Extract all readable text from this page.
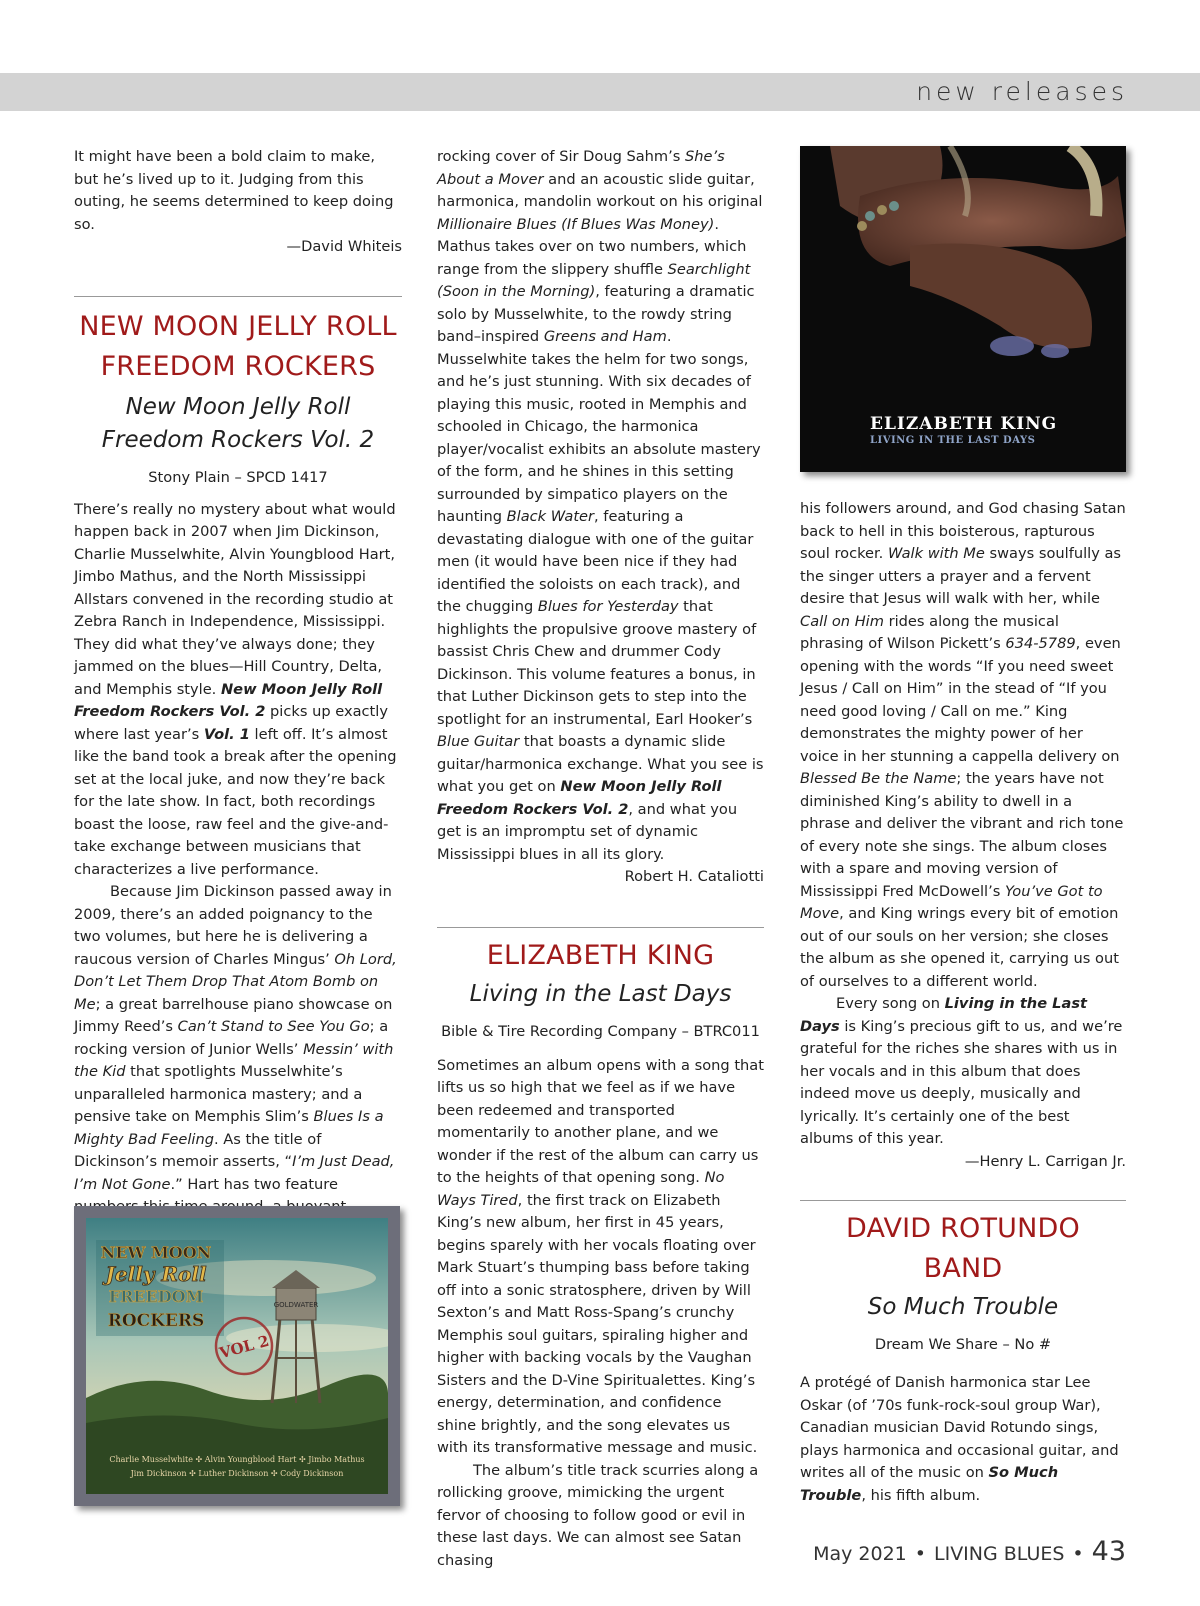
new releases

It might have been a bold claim to make, but he’s lived up to it. Judging from this outing, he seems determined to keep doing so.

—David Whiteis

NEW MOON JELLY ROLL
FREEDOM ROCKERS
New Moon Jelly Roll
Freedom Rockers Vol. 2
Stony Plain – SPCD 1417

There’s really no mystery about what would happen back in 2007 when Jim Dickinson, Charlie Musselwhite, Alvin Youngblood Hart, Jimbo Mathus, and the North Mississippi Allstars convened in the recording studio at Zebra Ranch in Independence, Mississippi. They did what they’ve always done; they jammed on the blues—Hill Country, Delta, and Memphis style. New Moon Jelly Roll Freedom Rockers Vol. 2 picks up exactly where last year’s Vol. 1 left off. It’s almost like the band took a break after the opening set at the local juke, and now they’re back for the late show. In fact, both recordings boast the loose, raw feel and the give-and-take exchange between musicians that characterizes a live performance.

Because Jim Dickinson passed away in 2009, there’s an added poignancy to the two volumes, but here he is delivering a raucous version of Charles Mingus’ Oh Lord, Don’t Let Them Drop That Atom Bomb on Me; a great barrelhouse piano showcase on Jimmy Reed’s Can’t Stand to See You Go; a rocking version of Junior Wells’ Messin’ with the Kid that spotlights Musselwhite’s unparalleled harmonica mastery; and a pensive take on Memphis Slim’s Blues Is a Mighty Bad Feeling. As the title of Dickinson’s memoir asserts, “I’m Just Dead, I’m Not Gone.” Hart has two feature

GOLDWATER
NEW MOON
Jelly Roll
FREEDOM
ROCKERS
VOL 2
Charlie Musselwhite ✣ Alvin Youngblood Hart ✣ Jimbo Mathus
Jim Dickinson ✣ Luther Dickinson ✣ Cody Dickinson

rocking cover of Sir Doug Sahm’s She’s About a Mover and an acoustic slide guitar, harmonica, mandolin workout on his original Millionaire Blues (If Blues Was Money). Mathus takes over on two numbers, which range from the slippery shuffle Searchlight (Soon in the Morning), featuring a dramatic solo by Musselwhite, to the rowdy string band–inspired Greens and Ham. Musselwhite takes the helm for two songs, and he’s just stunning. With six decades of playing this music, rooted in Memphis and schooled in Chicago, the harmonica player/vocalist exhibits an absolute mastery of the form, and he shines in this setting surrounded by simpatico players on the haunting Black Water, featuring a devastating dialogue with one of the guitar men (it would have been nice if they had identified the soloists on each track), and the chugging Blues for Yesterday that highlights the propulsive groove mastery of bassist Chris Chew and drummer Cody Dickinson. This volume features a bonus, in that Luther Dickinson gets to step into the spotlight for an instrumental, Earl Hooker’s Blue Guitar that boasts a dynamic slide guitar/harmonica exchange. What you see is what you get on New Moon Jelly Roll Freedom Rockers Vol. 2, and what you get is an impromptu set of dynamic Mississippi blues in all its glory.

Robert H. Cataliotti

ELIZABETH KING
Living in the Last Days
Bible & Tire Recording Company – BTRC011

Sometimes an album opens with a song that lifts us so high that we feel as if we have been redeemed and transported momentarily to another plane, and we wonder if the rest of the album can carry us to the heights of that opening song. No Ways Tired, the first track on Elizabeth King’s new album, her first in 45 years, begins sparely with her vocals floating over Mark Stuart’s thumping bass before taking off into a sonic stratosphere, driven by Will Sexton’s and Matt Ross-Spang’s crunchy Memphis soul guitars, spiraling higher and higher with backing vocals by the Vaughan Sisters and the D-Vine Spiritualettes. King’s energy, determination, and confidence shine brightly, and the song elevates us with its transformative message and music.

The album’s title track scurries along a rollicking groove, mimicking the urgent fervor of choosing to follow good or evil in these last days. We can almost see Satan chasing

ELIZABETH KING
LIVING IN THE LAST DAYS

his followers around, and God chasing Satan back to hell in this boisterous, rapturous soul rocker. Walk with Me sways soulfully as the singer utters a prayer and a fervent desire that Jesus will walk with her, while Call on Him rides along the musical phrasing of Wilson Pickett’s 634-5789, even opening with the words “If you need sweet Jesus / Call on Him” in the stead of “If you need good loving / Call on me.” King demonstrates the mighty power of her voice in her stunning a cappella delivery on Blessed Be the Name; the years have not diminished King’s ability to dwell in a phrase and deliver the vibrant and rich tone of every note she sings. The album closes with a spare and moving version of Mississippi Fred McDowell’s You’ve Got to Move, and King wrings every bit of emotion out of our souls on her version; she closes the album as she opened it, carrying us out of ourselves to a different world.

Every song on Living in the Last Days is King’s precious gift to us, and we’re grateful for the riches she shares with us in her vocals and in this album that does indeed move us deeply, musically and lyrically. It’s certainly one of the best albums of this year.

—Henry L. Carrigan Jr.

DAVID ROTUNDO
BAND
So Much Trouble
Dream We Share – No #

A protégé of Danish harmonica star Lee Oskar (of ’70s funk-rock-soul group War), Canadian musician David Rotundo sings, plays harmonica and occasional guitar, and writes all of the music on So Much Trouble, his fifth album.

May 2021 • LIVING BLUES • 43
